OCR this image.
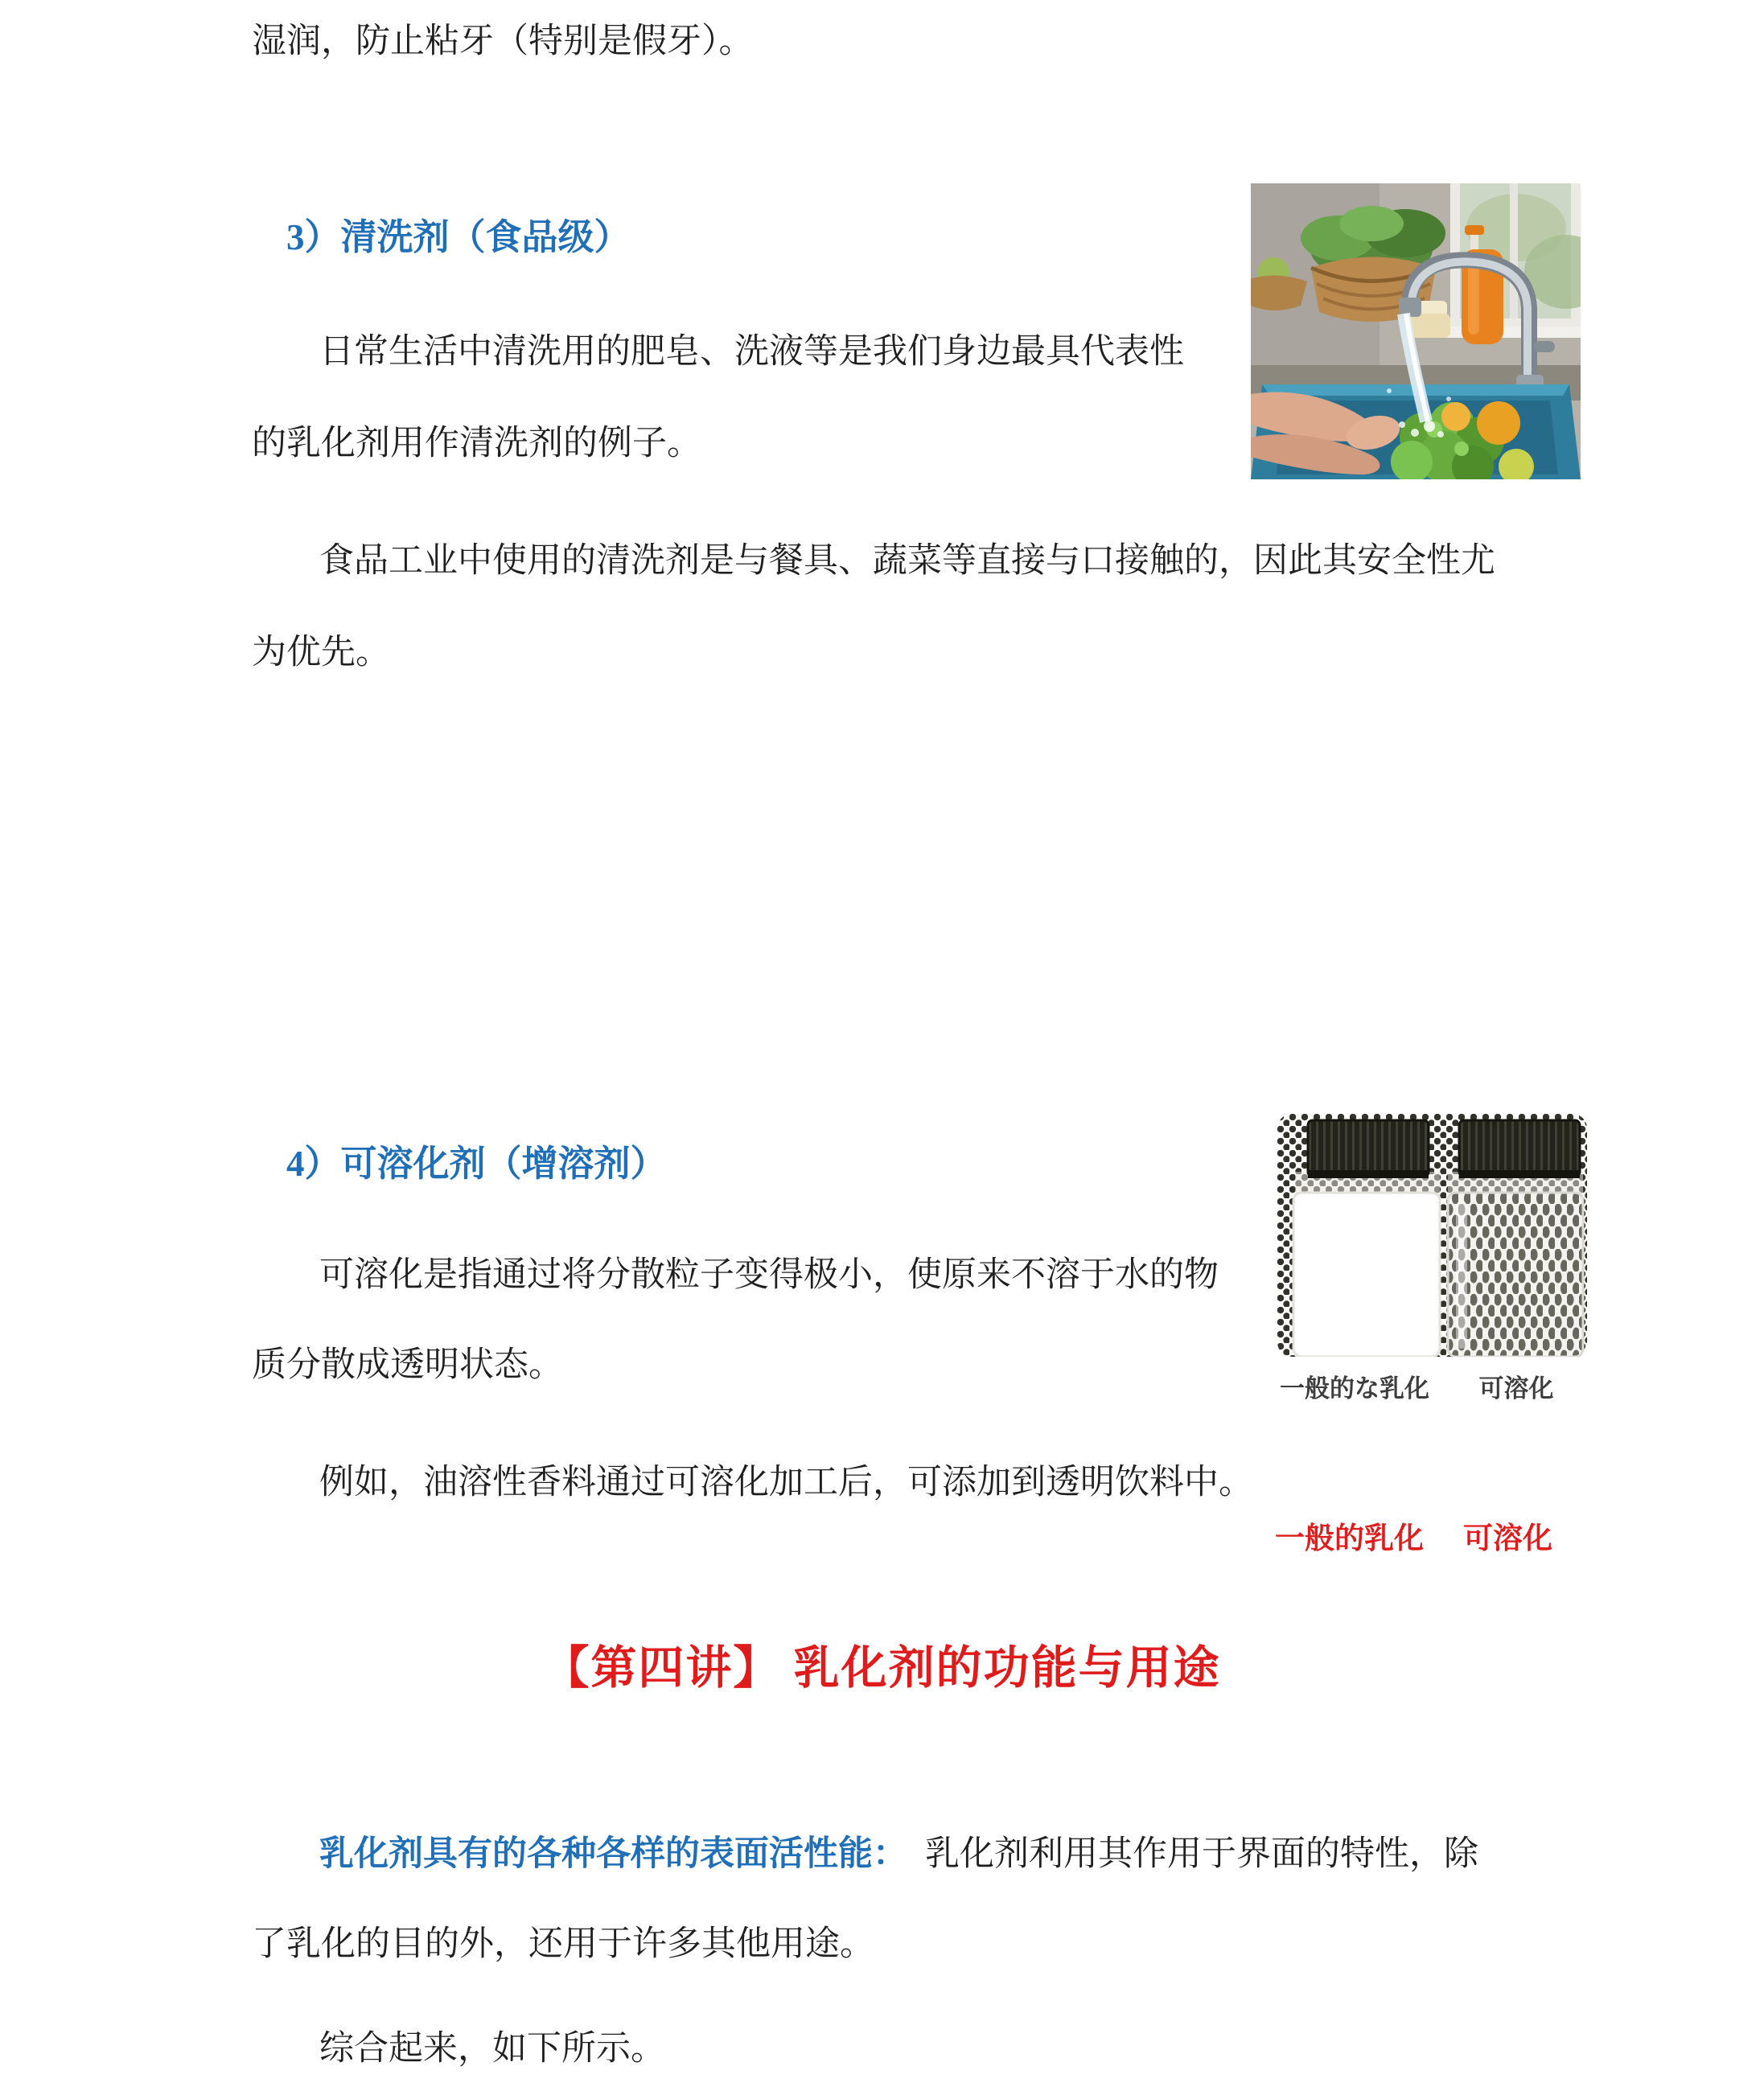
湿润，防止粘牙（特别是假牙）。

3）清洗剂（食品级）

日常生活中清洗用的肥皂、洗液等是我们身边最具代表性

的乳化剂用作清洗剂的例子。

食品工业中使用的清洗剂是与餐具、蔬菜等直接与口接触的，因此其安全性尤

为优先。

4）可溶化剂（增溶剂）
一般的な乳化 可溶化

可溶化是指通过将分散粒子变得极小，使原来不溶于水的物

质分散成透明状态。

例如，油溶性香料通过可溶化加工后，可添加到透明饮料中。

一般的乳化 可溶化
【第四讲】 乳化剂的功能与用途

乳化剂具有的各种各样的表面活性能： 乳化剂利用其作用于界面的特性，除

了乳化的目的外，还用于许多其他用途。

综合起来，如下所示。
